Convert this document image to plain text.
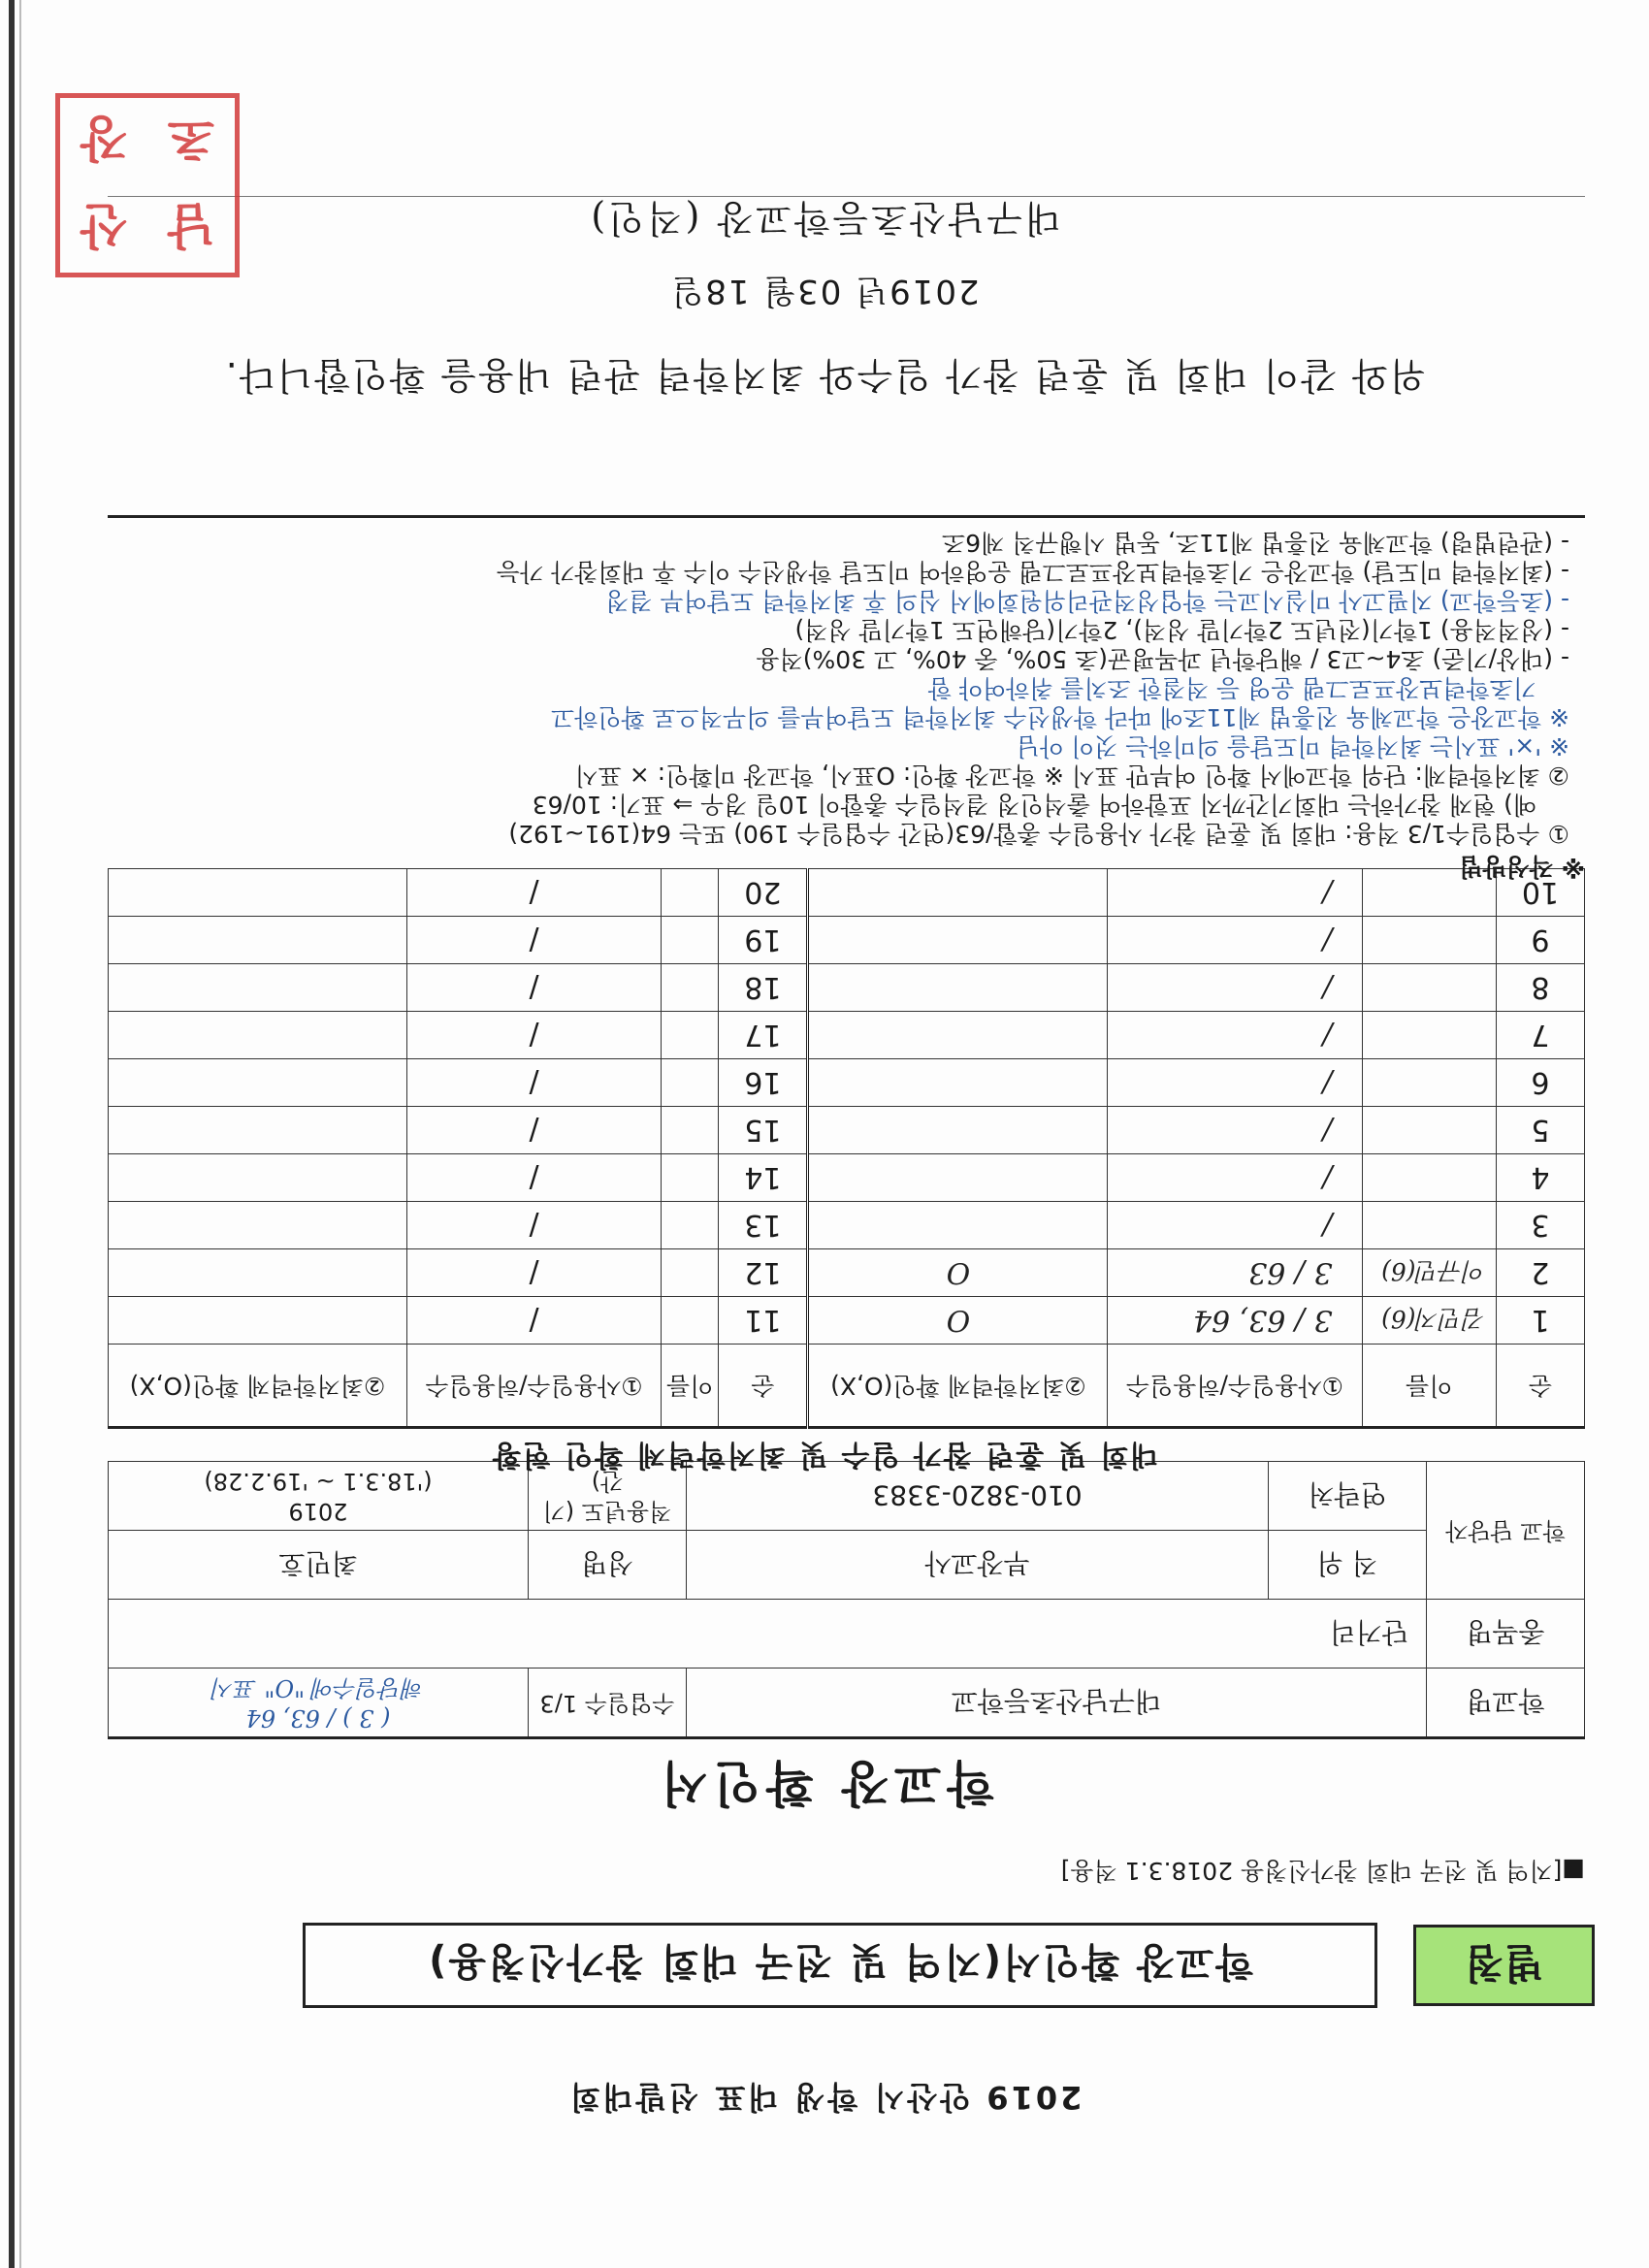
2019 안산시 학생 대표 선발대회
별첨
학교장 확인서(지역 및 전국 대회 참가신청용)
■[지역 및 전국 대회 참가신청용 2018.3.1 적용]
학교장 확인서
학교명	대구남산초등학교		수업일수 1/3	( 3 ) / 63, 64
해당일수에 "O" 표시

종목명	단거리			
학교 담당자	직 위	부장교사	성명	최민호
	연락처	010-3820-3383	적용년도 (기간)	2019
('18.3.1 ~ '19.2.28)
대회 및 훈련 참가 일수 및 최저학력제 확인 현황
순	이름	①사용일수/허용일수	②최저학력제 확인(O,X)	순	이름	①사용일수/허용일수	②최저학력제 확인(O,X)
1	김민지(6)	3 / 63, 64	O	11		/	
2	이규민(6)	3 / 63	O	12		/	
3		/		13		/	
4		/		14		/	
5		/		15		/	
6		/		16		/	
7		/		17		/	
8		/		18		/	
9		/		19		/	
10		/		20		/	
※ 작성방법
① 수업일수1/3 적용: 대회 및 훈련 참가 사용일수 총합/63(연간 수업일수 190) 또는 64(191~192)
예) 현재 참가하는 대회기간까지 포함하여 출석인정 결석일수 총합이 10일 경우 ⇒ 표기: 10/63
② 최저학력제: 단위 학교에서 확인 여부만 표시 ※ 학교장 확인: O표시, 학교장 미확인: × 표시
※ '×' 표시는 최저학력 미도달을 의미하는 것이 아님
※ 학교장은 학교체육 진흥법 제11조에 따라 학생선수 최저학력 도달여부를 의무적으로 확인하고
기초학력보장프로그램 운영 등 적절한 조치를 취하여야 함
- (대상/기준) 초4~고3 / 해당학년 과목평균(초 50%, 중 40%, 고 30%)적용
- (성적적용) 1학기(전년도 2학기말 성적), 2학기(당해연도 1학기말 성적)
- (초등학교) 지필고사 미실시교는 학업성적관리위원회에서 심의 후 최저학력 도달여부 결정
- (최저학력 미도달) 학교장은 기초학력보장프로그램 운영하여 미도달 학생선수 이수 후 대회참가 가능
- (관련법령) 학교체육 진흥법 제11조, 동법 시행규칙 제6조
위와 같이 대회 및 훈련 참가 일수와 최저학력 관련 내용을 확인합니다.
2019년 03월 18일
대구남산초등학교장 (직인)
남
산
초
장
